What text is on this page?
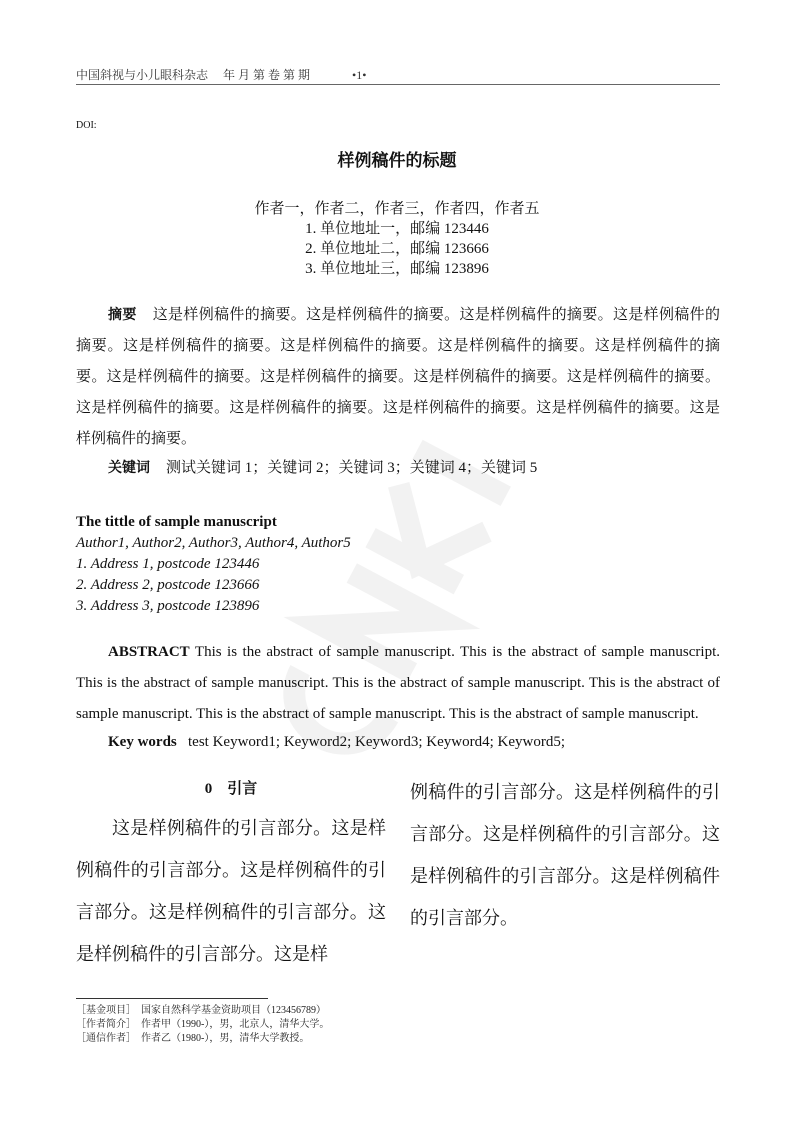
中国斜视与小儿眼科杂志 年 月 第 卷 第 期	•1•
DOI:
样例稿件的标题
作者一，作者二，作者三，作者四，作者五
1. 单位地址一，邮编 123446
2. 单位地址二，邮编 123666
3. 单位地址三，邮编 123896
摘要 这是样例稿件的摘要。这是样例稿件的摘要。这是样例稿件的摘要。这是样例稿件的摘要。这是样例稿件的摘要。这是样例稿件的摘要。这是样例稿件的摘要。这是样例稿件的摘要。这是样例稿件的摘要。这是样例稿件的摘要。这是样例稿件的摘要。这是样例稿件的摘要。这是样例稿件的摘要。这是样例稿件的摘要。这是样例稿件的摘要。这是样例稿件的摘要。这是样例稿件的摘要。
关键词 测试关键词 1；关键词 2；关键词 3；关键词 4；关键词 5
The tittle of sample manuscript
Author1, Author2, Author3, Author4, Author5
1. Address 1, postcode 123446
2. Address 2, postcode 123666
3. Address 3, postcode 123896
ABSTRACT This is the abstract of sample manuscript. This is the abstract of sample manuscript. This is the abstract of sample manuscript. This is the abstract of sample manuscript. This is the abstract of sample manuscript. This is the abstract of sample manuscript. This is the abstract of sample manuscript.
Key words test Keyword1; Keyword2; Keyword3; Keyword4; Keyword5;
0　引言
这是样例稿件的引言部分。这是样例稿件的引言部分。这是样例稿件的引言部分。这是样例稿件的引言部分。这是样例稿件的引言部分。这是样
例稿件的引言部分。这是样例稿件的引言部分。这是样例稿件的引言部分。这是样例稿件的引言部分。这是样例稿件的引言部分。
［基金项目］ 国家自然科学基金资助项目（123456789）
［作者简介］ 作者甲（1990-），男，北京人，清华大学。
［通信作者］ 作者乙（1980-），男，清华大学教授。
